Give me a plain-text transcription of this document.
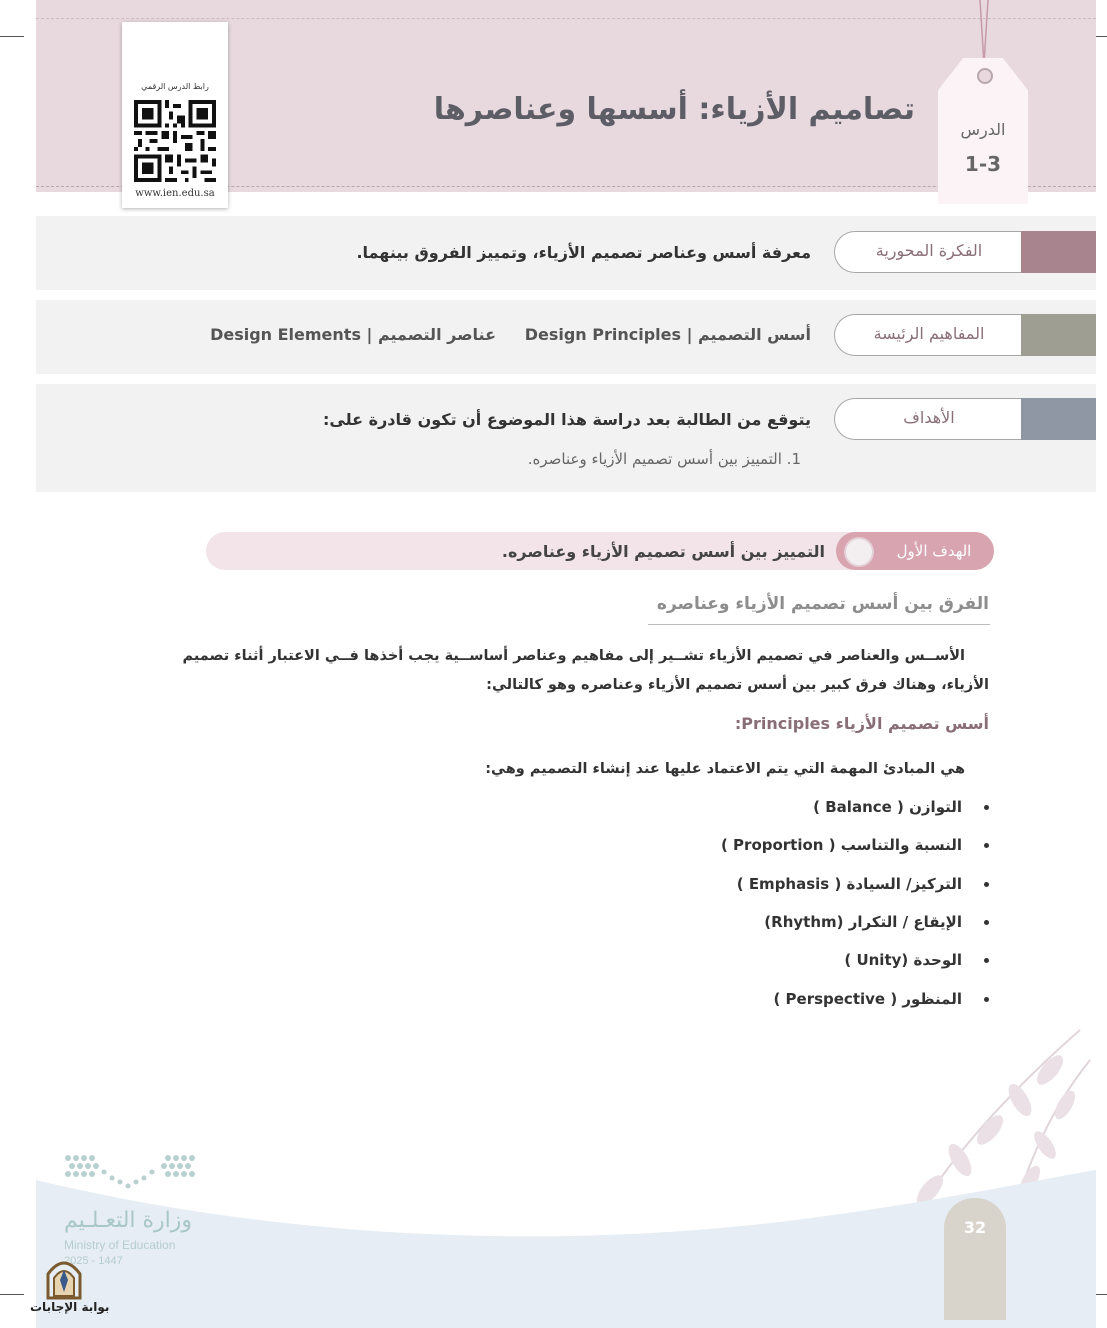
تصاميم الأزياء: أسسها وعناصرها
الدرس
1-3
رابط الدرس الرقمي
www.ien.edu.sa
الفكرة المحورية
معرفة أسس وعناصر تصميم الأزياء، وتمييز الفروق بينهما.
المفاهيم الرئيسة
أسس التصميم | Design Principles
عناصر التصميم | Design Elements
الأهداف
يتوقع من الطالبة بعد دراسة هذا الموضوع أن تكون قادرة على:
1. التمييز بين أسس تصميم الأزياء وعناصره.
الهدف الأول
التمييز بين أسس تصميم الأزياء وعناصره.
الفرق بين أسس تصميم الأزياء وعناصره
الأســس والعناصر في تصميم الأزياء تشــير إلى مفاهيم وعناصر أساســية يجب أخذها فــي الاعتبار أثناء تصميم
الأزياء، وهناك فرق كبير بين أسس تصميم الأزياء وعناصره وهو كالتالي:
أسس تصميم الأزياء Principles:
هي المبادئ المهمة التي يتم الاعتماد عليها عند إنشاء التصميم وهي:
التوازن ( Balance )
النسبة والتناسب ( Proportion )
التركيز/ السيادة ( Emphasis )
الإيقاع / التكرار (Rhythm)
الوحدة (Unity )
المنظور ( Perspective )
32
وزارة التعـلـيم
Ministry of Education
2025 - 1447
بوابة الإجابات
